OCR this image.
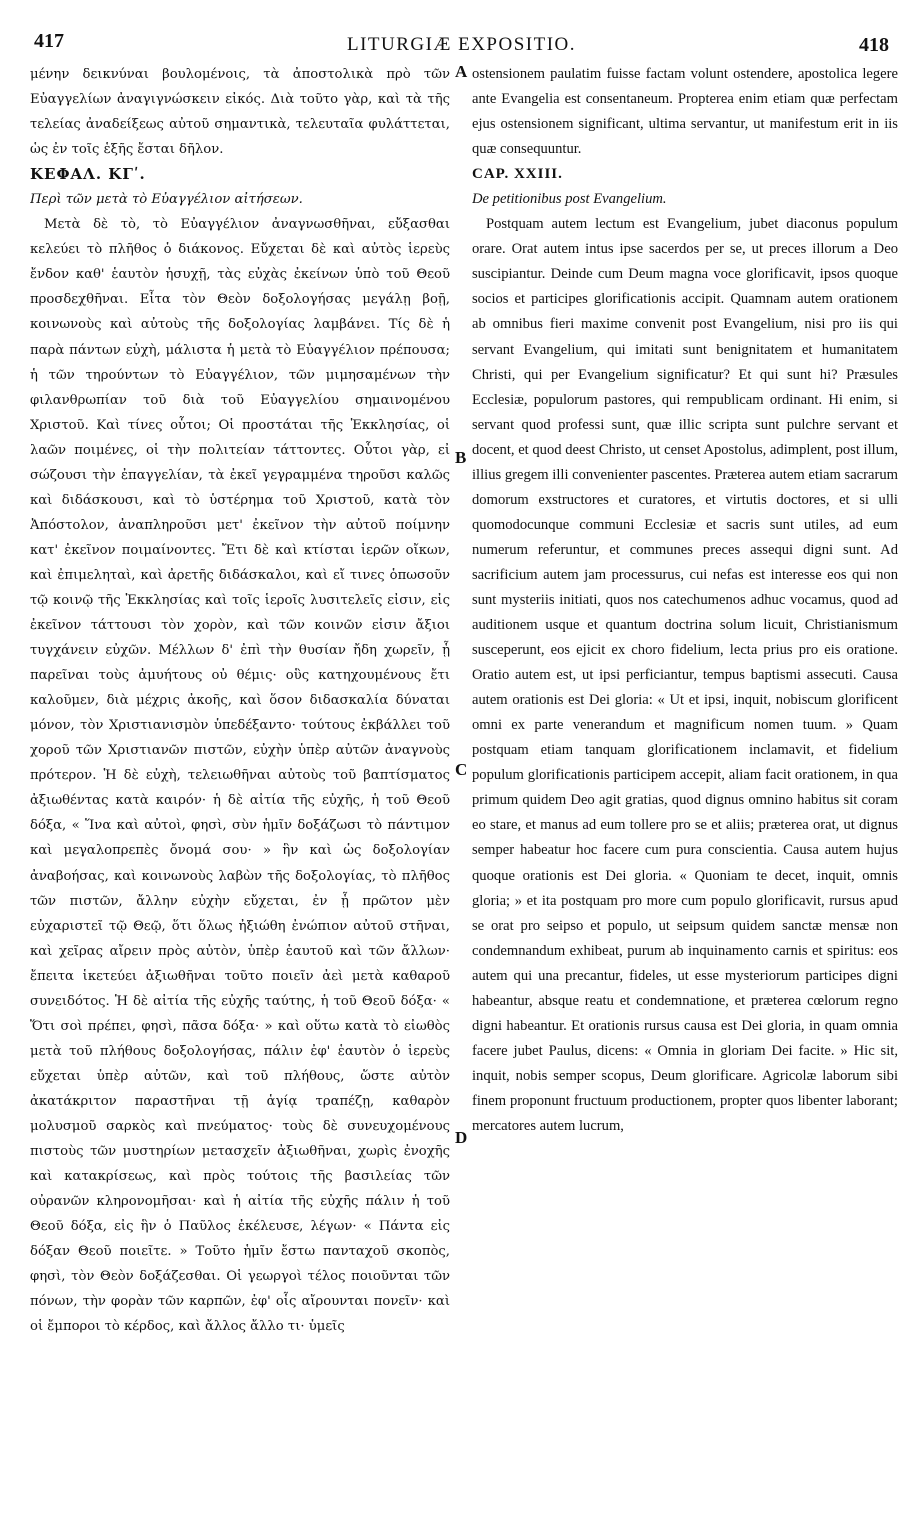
417	LITURGIÆ EXPOSITIO.	418

μένην δεικνύναι βουλομένοις, τὰ ἀποστολικὰ πρὸ τῶν Εὐαγγελίων ἀναγιγνώσκειν εἰκός. Διὰ τοῦτο γὰρ, καὶ τὰ τῆς τελείας ἀναδείξεως αὐτοῦ σημαντικὰ, τελευταῖα φυλάττεται, ὡς ἐν τοῖς ἑξῆς ἔσται δῆλον.

ΚΕΦΑΛ. ΚΓʹ.

Περὶ τῶν μετὰ τὸ Εὐαγγέλιον αἰτήσεων.

Μετὰ δὲ τὸ, τὸ Εὐαγγέλιον ἀναγνωσθῆναι, εὔξασθαι κελεύει τὸ πλῆθος ὁ διάκονος. Εὔχεται δὲ καὶ αὐτὸς ἱερεὺς ἔνδον καθ' ἑαυτὸν ἡσυχῇ, τὰς εὐχὰς ἐκείνων ὑπὸ τοῦ Θεοῦ προσδεχθῆναι. Εἶτα τὸν Θεὸν δοξολογήσας μεγάλῃ βοῇ, κοινωνοὺς καὶ αὐτοὺς τῆς δοξολογίας λαμβάνει. Τίς δὲ ἡ παρὰ πάντων εὐχὴ, μάλιστα ἡ μετὰ τὸ Εὐαγγέλιον πρέπουσα; ἡ τῶν τηρούντων τὸ Εὐαγγέλιον, τῶν μιμησαμένων τὴν φιλανθρωπίαν τοῦ διὰ τοῦ Εὐαγγελίου σημαινομένου Χριστοῦ. Καὶ τίνες οὗτοι; Οἱ προστάται τῆς Ἐκκλησίας, οἱ λαῶν ποιμένες, οἱ τὴν πολιτείαν τάττοντες. Οὗτοι γὰρ, εἰ σώζουσι τὴν ἐπαγγελίαν, τὰ ἐκεῖ γεγραμμένα τηροῦσι καλῶς καὶ διδάσκουσι, καὶ τὸ ὑστέρημα τοῦ Χριστοῦ, κατὰ τὸν Ἀπόστολον, ἀναπληροῦσι μετ' ἐκεῖνον τὴν αὐτοῦ ποίμνην κατ' ἐκεῖνον ποιμαίνοντες. Ἔτι δὲ καὶ κτίσται ἱερῶν οἴκων, καὶ ἐπιμεληταὶ, καὶ ἀρετῆς διδάσκαλοι, καὶ εἴ τινες ὁπωσοῦν τῷ κοινῷ τῆς Ἐκκλησίας καὶ τοῖς ἱεροῖς λυσιτελεῖς εἰσιν, εἰς ἐκεῖνον τάττουσι τὸν χορὸν, καὶ τῶν κοινῶν εἰσιν ἄξιοι τυγχάνειν εὐχῶν. Μέλλων δ' ἐπὶ τὴν θυσίαν ἤδη χωρεῖν, ᾗ παρεῖναι τοὺς ἀμυήτους οὐ θέμις· οὓς κατηχουμένους ἔτι καλοῦμεν, διὰ μέχρις ἀκοῆς, καὶ ὅσον διδασκαλία δύναται μόνον, τὸν Χριστιανισμὸν ὑπεδέξαντο· τούτους ἐκβάλλει τοῦ χοροῦ τῶν Χριστιανῶν πιστῶν, εὐχὴν ὑπὲρ αὐτῶν ἀναγνοὺς πρότερον. Ἡ δὲ εὐχὴ, τελειωθῆναι αὐτοὺς τοῦ βαπτίσματος ἀξιωθέντας κατὰ καιρόν· ἡ δὲ αἰτία τῆς εὐχῆς, ἡ τοῦ Θεοῦ δόξα, « Ἵνα καὶ αὐτοὶ, φησὶ, σὺν ἡμῖν δοξάζωσι τὸ πάντιμον καὶ μεγαλοπρεπὲς ὄνομά σου· » ἣν καὶ ὡς δοξολογίαν ἀναβοήσας, καὶ κοινωνοὺς λαβὼν τῆς δοξολογίας, τὸ πλῆθος τῶν πιστῶν, ἄλλην εὐχὴν εὔχεται, ἐν ᾗ πρῶτον μὲν εὐχαριστεῖ τῷ Θεῷ, ὅτι ὅλως ἠξιώθη ἐνώπιον αὐτοῦ στῆναι, καὶ χεῖρας αἴρειν πρὸς αὐτὸν, ὑπὲρ ἑαυτοῦ καὶ τῶν ἄλλων· ἔπειτα ἱκετεύει ἀξιωθῆναι τοῦτο ποιεῖν ἀεὶ μετὰ καθαροῦ συνειδότος. Ἡ δὲ αἰτία τῆς εὐχῆς ταύτης, ἡ τοῦ Θεοῦ δόξα· « Ὅτι σοὶ πρέπει, φησὶ, πᾶσα δόξα· » καὶ οὕτω κατὰ τὸ εἰωθὸς μετὰ τοῦ πλήθους δοξολογήσας, πάλιν ἐφ' ἑαυτὸν ὁ ἱερεὺς εὔχεται ὑπὲρ αὐτῶν, καὶ τοῦ πλήθους, ὥστε αὐτὸν ἀκατάκριτον παραστῆναι τῇ ἁγίᾳ τραπέζῃ, καθαρὸν μολυσμοῦ σαρκὸς καὶ πνεύματος· τοὺς δὲ συνευχομένους πιστοὺς τῶν μυστηρίων μετασχεῖν ἀξιωθῆναι, χωρὶς ἐνοχῆς καὶ κατακρίσεως, καὶ πρὸς τούτοις τῆς βασιλείας τῶν οὐρανῶν κληρονομῆσαι· καὶ ἡ αἰτία τῆς εὐχῆς πάλιν ἡ τοῦ Θεοῦ δόξα, εἰς ἣν ὁ Παῦλος ἐκέλευσε, λέγων· « Πάντα εἰς δόξαν Θεοῦ ποιεῖτε. » Τοῦτο ἡμῖν ἔστω πανταχοῦ σκοπὸς, φησὶ, τὸν Θεὸν δοξάζεσθαι. Οἱ γεωργοὶ τέλος ποιοῦνται τῶν πόνων, τὴν φορὰν τῶν καρπῶν, ἐφ' οἷς αἴρουνται πονεῖν· καὶ οἱ ἔμποροι τὸ κέρδος, καὶ ἄλλος ἄλλο τι· ὑμεῖς

A
B
C
D

ostensionem paulatim fuisse factam volunt ostendere, apostolica legere ante Evangelia est consentaneum. Propterea enim etiam quæ perfectam ejus ostensionem significant, ultima servantur, ut manifestum erit in iis quæ consequuntur.

CAP. XXIII.

De petitionibus post Evangelium.

Postquam autem lectum est Evangelium, jubet diaconus populum orare. Orat autem intus ipse sacerdos per se, ut preces illorum a Deo suscipiantur. Deinde cum Deum magna voce glorificavit, ipsos quoque socios et participes glorificationis accipit. Quamnam autem orationem ab omnibus fieri maxime convenit post Evangelium, nisi pro iis qui servant Evangelium, qui imitati sunt benignitatem et humanitatem Christi, qui per Evangelium significatur? Et qui sunt hi? Præsules Ecclesiæ, populorum pastores, qui rempublicam ordinant. Hi enim, si servant quod professi sunt, quæ illic scripta sunt pulchre servant et docent, et quod deest Christo, ut censet Apostolus, adimplent, post illum, illius gregem illi convenienter pascentes. Præterea autem etiam sacrarum domorum exstructores et curatores, et virtutis doctores, et si ulli quomodocunque communi Ecclesiæ et sacris sunt utiles, ad eum numerum referuntur, et communes preces assequi digni sunt. Ad sacrificium autem jam processurus, cui nefas est interesse eos qui non sunt mysteriis initiati, quos nos catechumenos adhuc vocamus, quod ad auditionem usque et quantum doctrina solum licuit, Christianismum susceperunt, eos ejicit ex choro fidelium, lecta prius pro eis oratione. Oratio autem est, ut ipsi perficiantur, tempus baptismi assecuti. Causa autem orationis est Dei gloria: « Ut et ipsi, inquit, nobiscum glorificent omni ex parte venerandum et magnificum nomen tuum. » Quam postquam etiam tanquam glorificationem inclamavit, et fidelium populum glorificationis participem accepit, aliam facit orationem, in qua primum quidem Deo agit gratias, quod dignus omnino habitus sit coram eo stare, et manus ad eum tollere pro se et aliis; præterea orat, ut dignus semper habeatur hoc facere cum pura conscientia. Causa autem hujus quoque orationis est Dei gloria. « Quoniam te decet, inquit, omnis gloria; » et ita postquam pro more cum populo glorificavit, rursus apud se orat pro seipso et populo, ut seipsum quidem sanctæ mensæ non condemnandum exhibeat, purum ab inquinamento carnis et spiritus: eos autem qui una precantur, fideles, ut esse mysteriorum participes digni habeantur, absque reatu et condemnatione, et præterea cœlorum regno digni habeantur. Et orationis rursus causa est Dei gloria, in quam omnia facere jubet Paulus, dicens: « Omnia in gloriam Dei facite. » Hic sit, inquit, nobis semper scopus, Deum glorificare. Agricolæ laborum sibi finem proponunt fructuum productionem, propter quos libenter laborant; mercatores autem lucrum,
